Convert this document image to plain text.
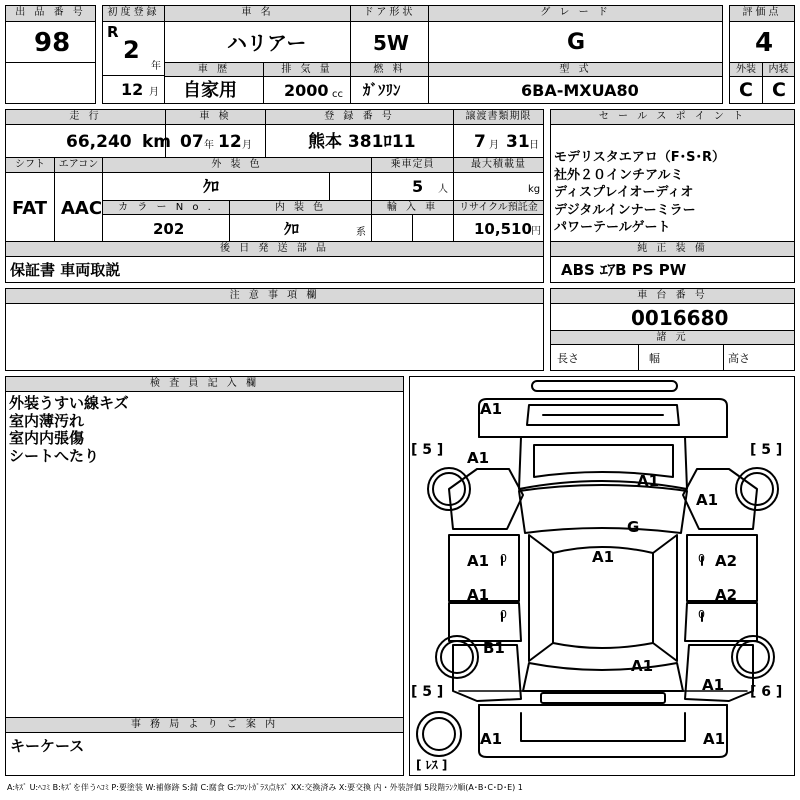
出 品 番 号
98
初度登録
R
2
年
12 月
車 名
ハリアー
ドア形状
5W
グ レ ー ド
G
評価点
4
車 歴
自家用
排 気 量
2000 cc
燃 料
ｶﾞｿﾘﾝ
型 式
6BA-MXUA80
外装	内装
C C
走 行
66,240 km
車 検
07 年 12 月
登 録 番 号
熊本 381ﾛ11
譲渡書類期限
7 月 31 日
セ ー ル ス ポ イ ン ト
モデリスタエアロ（F･S･R）
社外２０インチアルミ
ディスプレイオーディオ
デジタルインナーミラー
パワーテールゲート
シフト
FAT
エアコン
AAC
外 装 色
ｸﾛ
乗車定員
5 人
最大積載量
kg
カ ラ ー N o .
202
内 装 色
ｸﾛ	系
輸 入 車	リサイクル預託金
10,510 円
後 日 発 送 部 品
保証書 車両取説
純 正 装 備
ABS ｴｱB PS PW
注 意 事 項 欄	車 台 番 号
0016680
諸 元
長さ	幅	高さ
検 査 員 記 入 欄
外装うすい線キズ
室内薄汚れ
室内内張傷
シートへたり
事 務 局 よ り ご 案 内
キーケース
[ 5 ]	[ 5 ]
[ 5 ]	[ 6 ]
A1
A1
A1
A1
G
A1
A1	A2
A1	A2
B1
A1
A1
A1	A1
0
0
0
0
[ ﾚｽ ]
A:ｷｽﾞ U:ﾍｺﾐ B:ｷｽﾞを伴うﾍｺﾐ P:要塗装 W:補修跡 S:錆 C:腐食 G:ﾌﾛﾝﾄｶﾞﾗｽ点ｷｽﾞ XX:交換済み X:要交換 内・外装評価 5段階ﾗﾝｸ順(A･B･C･D･E) 1
